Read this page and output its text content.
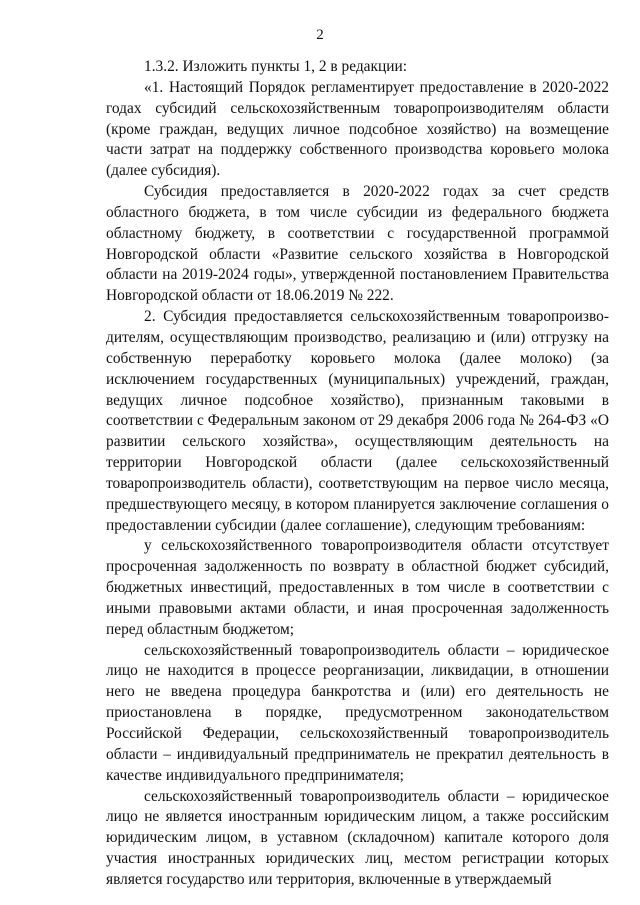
2

1.3.2. Изложить пункты 1, 2 в редакции:

«1. Настоящий Порядок регламентирует предоставление в 2020-2022 годах субсидий сельскохозяйственным товаропроизводителям области (кроме граждан, ведущих личное подсобное хозяйство) на возмещение части затрат на поддержку собственного производства коровьего молока (далее субсидия).

Субсидия предоставляется в 2020-2022 годах за счет средств областного бюджета, в том числе субсидии из федерального бюджета областному бюджету, в соответствии с государственной программой Новгородской области «Развитие сельского хозяйства в Новгородской области на 2019-2024 годы», утвержденной постановлением Правительства Новгородской области от 18.06.2019 № 222.

2. Субсидия предоставляется сельскохозяйственным товаропроизводителям, осуществляющим производство, реализацию и (или) отгрузку на собственную переработку коровьего молока (далее молоко) (за исключением государственных (муниципальных) учреждений, граждан, ведущих личное подсобное хозяйство), признанным таковыми в соответствии с Федеральным законом от 29 декабря 2006 года № 264-ФЗ «О развитии сельского хозяйства», осуществляющим деятельность на территории Новгородской области (далее сельскохозяйственный товаропроизводитель области), соответствующим на первое число месяца, предшествующего месяцу, в котором планируется заключение соглашения о предоставлении субсидии (далее соглашение), следующим требованиям:

у сельскохозяйственного товаропроизводителя области отсутствует просроченная задолженность по возврату в областной бюджет субсидий, бюджетных инвестиций, предоставленных в том числе в соответствии с иными правовыми актами области, и иная просроченная задолженность перед областным бюджетом;

сельскохозяйственный товаропроизводитель области – юридическое лицо не находится в процессе реорганизации, ликвидации, в отношении него не введена процедура банкротства и (или) его деятельность не приостановлена в порядке, предусмотренном законодательством Российской Федерации, сельскохозяйственный товаропроизводитель области – индивидуальный предприниматель не прекратил деятельность в качестве индивидуального предпринимателя;

сельскохозяйственный товаропроизводитель области – юридическое лицо не является иностранным юридическим лицом, а также российским юридическим лицом, в уставном (складочном) капитале которого доля участия иностранных юридических лиц, местом регистрации которых является государство или территория, включенные в утверждаемый
